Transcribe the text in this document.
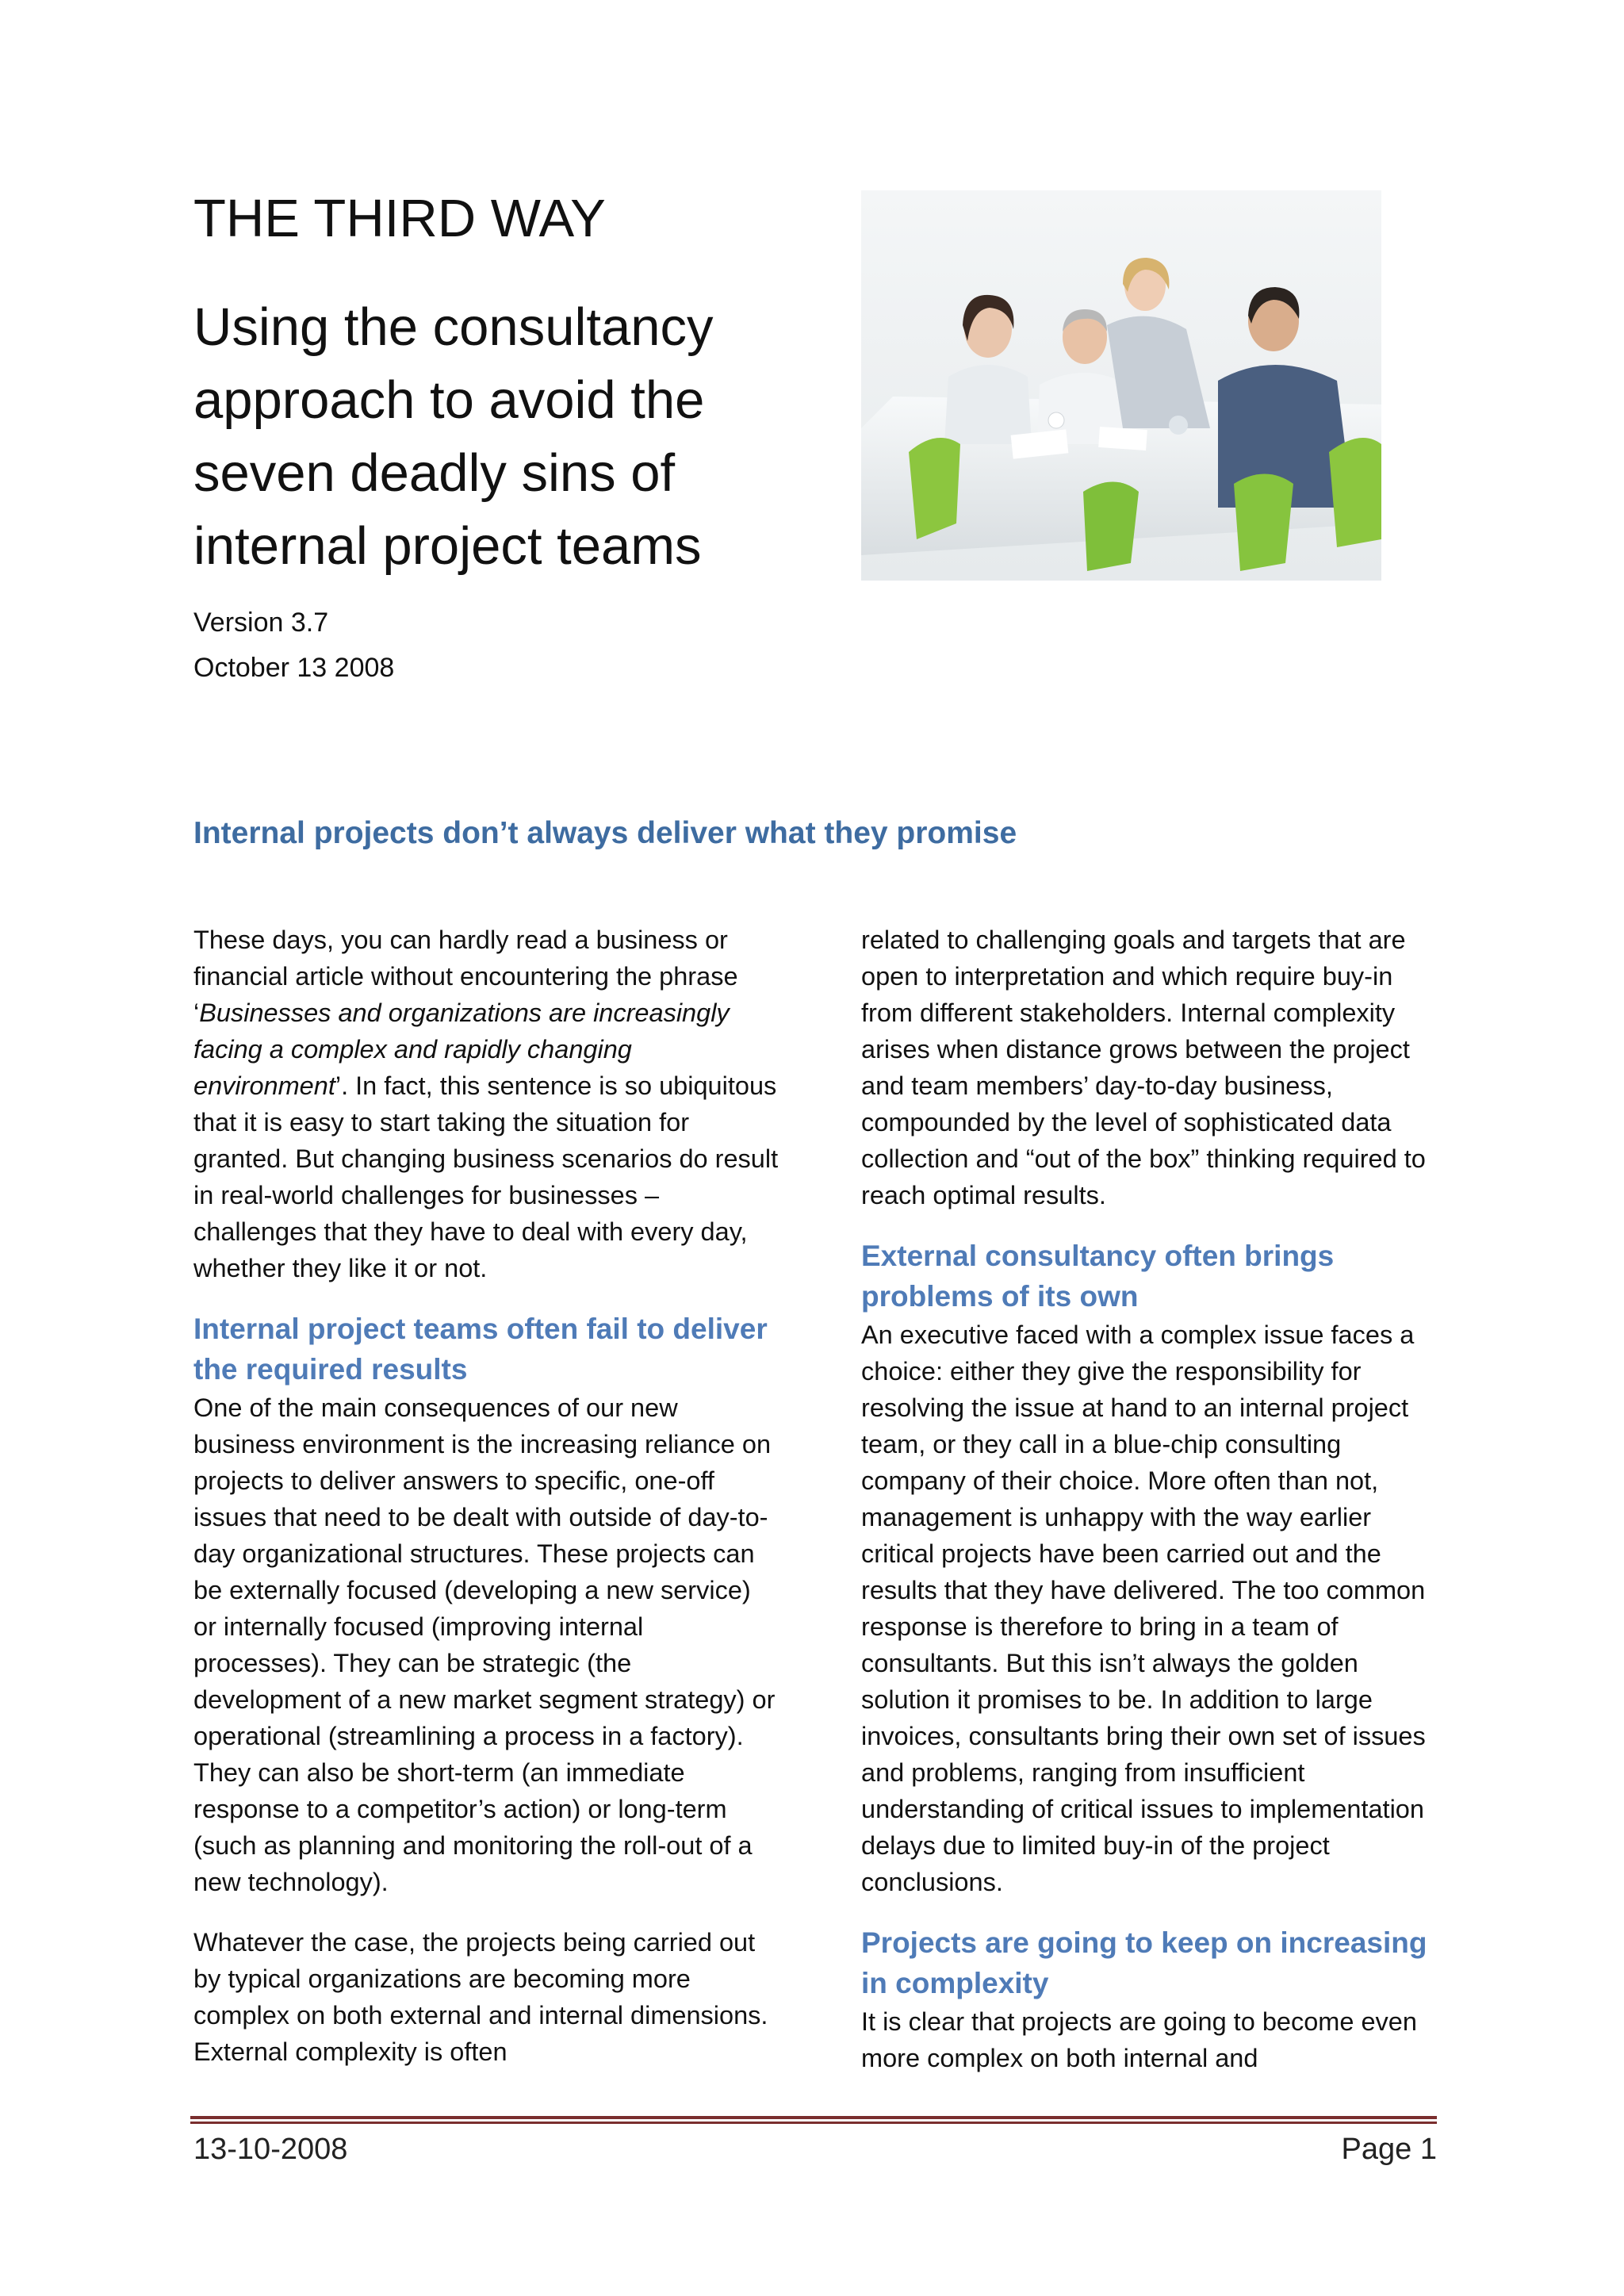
THE THIRD WAY
Using the consultancy approach to avoid the seven deadly sins of internal project teams
Version 3.7
October 13 2008
Internal projects don’t always deliver what they promise

These days, you can hardly read a business or financial article without encountering the phrase ‘Businesses and organizations are increasingly facing a complex and rapidly changing environment’. In fact, this sentence is so ubiquitous that it is easy to start taking the situation for granted. But changing business scenarios do result in real-world challenges for businesses – challenges that they have to deal with every day, whether they like it or not.

Internal project teams often fail to deliver the required results

One of the main consequences of our new business environment is the increasing reliance on projects to deliver answers to specific, one-off issues that need to be dealt with outside of day-to-day organizational structures. These projects can be externally focused (developing a new service) or internally focused (improving internal processes). They can be strategic (the development of a new market segment strategy) or operational (streamlining a process in a factory). They can also be short-term (an immediate response to a competitor’s action) or long-term (such as planning and monitoring the roll-out of a new technology).

Whatever the case, the projects being carried out by typical organizations are becoming more complex on both external and internal dimensions. External complexity is often

related to challenging goals and targets that are open to interpretation and which require buy-in from different stakeholders. Internal complexity arises when distance grows between the project and team members’ day-to-day business, compounded by the level of sophisticated data collection and “out of the box” thinking required to reach optimal results.

External consultancy often brings problems of its own

An executive faced with a complex issue faces a choice: either they give the responsibility for resolving the issue at hand to an internal project team, or they call in a blue-chip consulting company of their choice. More often than not, management is unhappy with the way earlier critical projects have been carried out and the results that they have delivered. The too common response is therefore to bring in a team of consultants. But this isn’t always the golden solution it promises to be. In addition to large invoices, consultants bring their own set of issues and problems, ranging from insufficient understanding of critical issues to implementation delays due to limited buy-in of the project conclusions.

Projects are going to keep on increasing in complexity

It is clear that projects are going to become even more complex on both internal and

13-10-2008	Page 1
